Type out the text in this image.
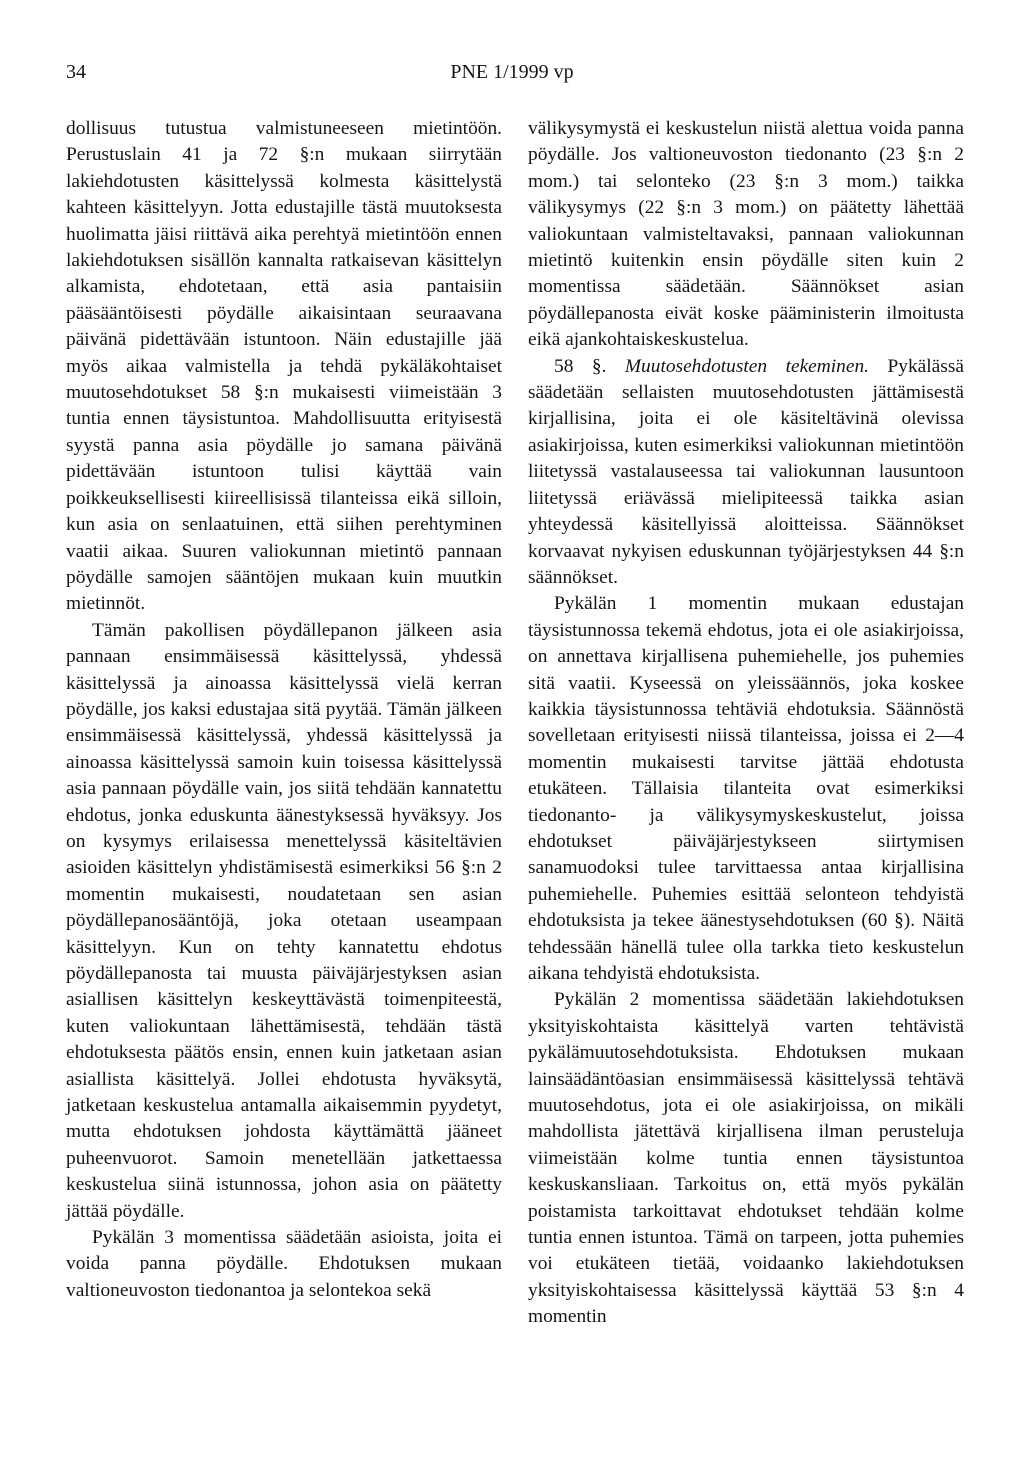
34	PNE 1/1999 vp

dollisuus tutustua valmistuneeseen mietintöön. Perustuslain 41 ja 72 §:n mukaan siirrytään lakiehdotusten käsittelyssä kolmesta käsittelystä kahteen käsittelyyn. Jotta edustajille tästä muutoksesta huolimatta jäisi riittävä aika perehtyä mietintöön ennen lakiehdotuksen sisällön kannalta ratkaisevan käsittelyn alkamista, ehdotetaan, että asia pantaisiin pääsääntöisesti pöydälle aikaisintaan seuraavana päivänä pidettävään istuntoon. Näin edustajille jää myös aikaa valmistella ja tehdä pykäläkohtaiset muutosehdotukset 58 §:n mukaisesti viimeistään 3 tuntia ennen täysistuntoa. Mahdollisuutta erityisestä syystä panna asia pöydälle jo samana päivänä pidettävään istuntoon tulisi käyttää vain poikkeuksellisesti kiireellisissä tilanteissa eikä silloin, kun asia on senlaatuinen, että siihen perehtyminen vaatii aikaa. Suuren valiokunnan mietintö pannaan pöydälle samojen sääntöjen mukaan kuin muutkin mietinnöt.

Tämän pakollisen pöydällepanon jälkeen asia pannaan ensimmäisessä käsittelyssä, yhdessä käsittelyssä ja ainoassa käsittelyssä vielä kerran pöydälle, jos kaksi edustajaa sitä pyytää. Tämän jälkeen ensimmäisessä käsittelyssä, yhdessä käsittelyssä ja ainoassa käsittelyssä samoin kuin toisessa käsittelyssä asia pannaan pöydälle vain, jos siitä tehdään kannatettu ehdotus, jonka eduskunta äänestyksessä hyväksyy. Jos on kysymys erilaisessa menettelyssä käsiteltävien asioiden käsittelyn yhdistämisestä esimerkiksi 56 §:n 2 momentin mukaisesti, noudatetaan sen asian pöydällepanosääntöjä, joka otetaan useampaan käsittelyyn. Kun on tehty kannatettu ehdotus pöydällepanosta tai muusta päiväjärjestyksen asian asiallisen käsittelyn keskeyttävästä toimenpiteestä, kuten valiokuntaan lähettämisestä, tehdään tästä ehdotuksesta päätös ensin, ennen kuin jatketaan asian asiallista käsittelyä. Jollei ehdotusta hyväksytä, jatketaan keskustelua antamalla aikaisemmin pyydetyt, mutta ehdotuksen johdosta käyttämättä jääneet puheenvuorot. Samoin menetellään jatkettaessa keskustelua siinä istunnossa, johon asia on päätetty jättää pöydälle.

Pykälän 3 momentissa säädetään asioista, joita ei voida panna pöydälle. Ehdotuksen mukaan valtioneuvoston tiedonantoa ja selontekoa sekä

välikysymystä ei keskustelun niistä alettua voida panna pöydälle. Jos valtioneuvoston tiedonanto (23 §:n 2 mom.) tai selonteko (23 §:n 3 mom.) taikka välikysymys (22 §:n 3 mom.) on päätetty lähettää valiokuntaan valmisteltavaksi, pannaan valiokunnan mietintö kuitenkin ensin pöydälle siten kuin 2 momentissa säädetään. Säännökset asian pöydällepanosta eivät koske pääministerin ilmoitusta eikä ajankohtaiskeskustelua.

58 §. Muutosehdotusten tekeminen. Pykälässä säädetään sellaisten muutosehdotusten jättämisestä kirjallisina, joita ei ole käsiteltävinä olevissa asiakirjoissa, kuten esimerkiksi valiokunnan mietintöön liitetyssä vastalauseessa tai valiokunnan lausuntoon liitetyssä eriävässä mielipiteessä taikka asian yhteydessä käsitellyissä aloitteissa. Säännökset korvaavat nykyisen eduskunnan työjärjestyksen 44 §:n säännökset.

Pykälän 1 momentin mukaan edustajan täysistunnossa tekemä ehdotus, jota ei ole asiakirjoissa, on annettava kirjallisena puhemiehelle, jos puhemies sitä vaatii. Kyseessä on yleissäännös, joka koskee kaikkia täysistunnossa tehtäviä ehdotuksia. Säännöstä sovelletaan erityisesti niissä tilanteissa, joissa ei 2—4 momentin mukaisesti tarvitse jättää ehdotusta etukäteen. Tällaisia tilanteita ovat esimerkiksi tiedonanto- ja välikysymyskeskustelut, joissa ehdotukset päiväjärjestykseen siirtymisen sanamuodoksi tulee tarvittaessa antaa kirjallisina puhemiehelle. Puhemies esittää selonteon tehdyistä ehdotuksista ja tekee äänestysehdotuksen (60 §). Näitä tehdessään hänellä tulee olla tarkka tieto keskustelun aikana tehdyistä ehdotuksista.

Pykälän 2 momentissa säädetään lakiehdotuksen yksityiskohtaista käsittelyä varten tehtävistä pykälämuutosehdotuksista. Ehdotuksen mukaan lainsäädäntöasian ensimmäisessä käsittelyssä tehtävä muutosehdotus, jota ei ole asiakirjoissa, on mikäli mahdollista jätettävä kirjallisena ilman perusteluja viimeistään kolme tuntia ennen täysistuntoa keskuskansliaan. Tarkoitus on, että myös pykälän poistamista tarkoittavat ehdotukset tehdään kolme tuntia ennen istuntoa. Tämä on tarpeen, jotta puhemies voi etukäteen tietää, voidaanko lakiehdotuksen yksityiskohtaisessa käsittelyssä käyttää 53 §:n 4 momentin
